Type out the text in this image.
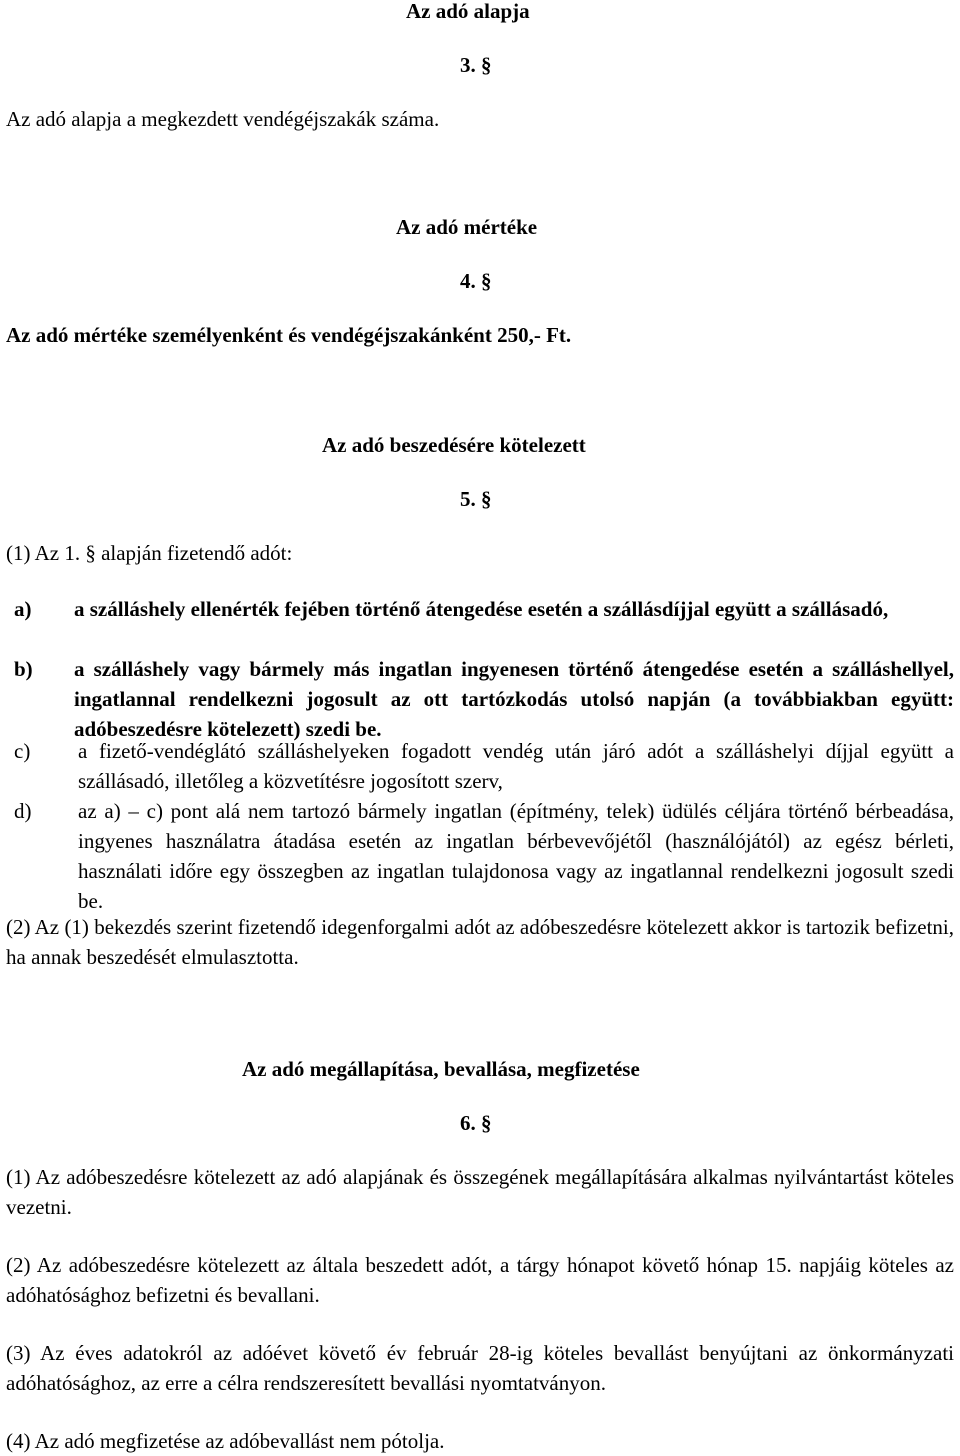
Az adó alapja
3. §
Az adó alapja a megkezdett vendégéjszakák száma.
Az adó mértéke
4. §
Az adó mértéke személyenként és vendégéjszakánként 250,- Ft.
Az adó beszedésére kötelezett
5. §
(1) Az 1. § alapján fizetendő adót:
a) a szálláshely ellenérték fejében történő átengedése esetén a szállásdíjjal együtt a szállásadó,
b) a szálláshely vagy bármely más ingatlan ingyenesen történő átengedése esetén a szálláshellyel, ingatlannal rendelkezni jogosult az ott tartózkodás utolsó napján (a továbbiakban együtt: adóbeszedésre kötelezett) szedi be.
c) a fizető-vendéglátó szálláshelyeken fogadott vendég után járó adót a szálláshelyi díjjal együtt a szállásadó, illetőleg a közvetítésre jogosított szerv,
d) az a) – c) pont alá nem tartozó bármely ingatlan (építmény, telek) üdülés céljára történő bérbeadása, ingyenes használatra átadása esetén az ingatlan bérbevevőjétől (használójától) az egész bérleti, használati időre egy összegben az ingatlan tulajdonosa vagy az ingatlannal rendelkezni jogosult szedi be.
(2) Az (1) bekezdés szerint fizetendő idegenforgalmi adót az adóbeszedésre kötelezett akkor is tartozik befizetni, ha annak beszedését elmulasztotta.
Az adó megállapítása, bevallása, megfizetése
6. §
(1) Az adóbeszedésre kötelezett az adó alapjának és összegének megállapítására alkalmas nyilvántartást köteles vezetni.
(2) Az adóbeszedésre kötelezett az általa beszedett adót, a tárgy hónapot követő hónap 15. napjáig köteles az adóhatósághoz befizetni és bevallani.
(3) Az éves adatokról az adóévet követő év február 28-ig köteles bevallást benyújtani az önkormányzati adóhatósághoz, az erre a célra rendszeresített bevallási nyomtatványon.
(4) Az adó megfizetése az adóbevallást nem pótolja.
